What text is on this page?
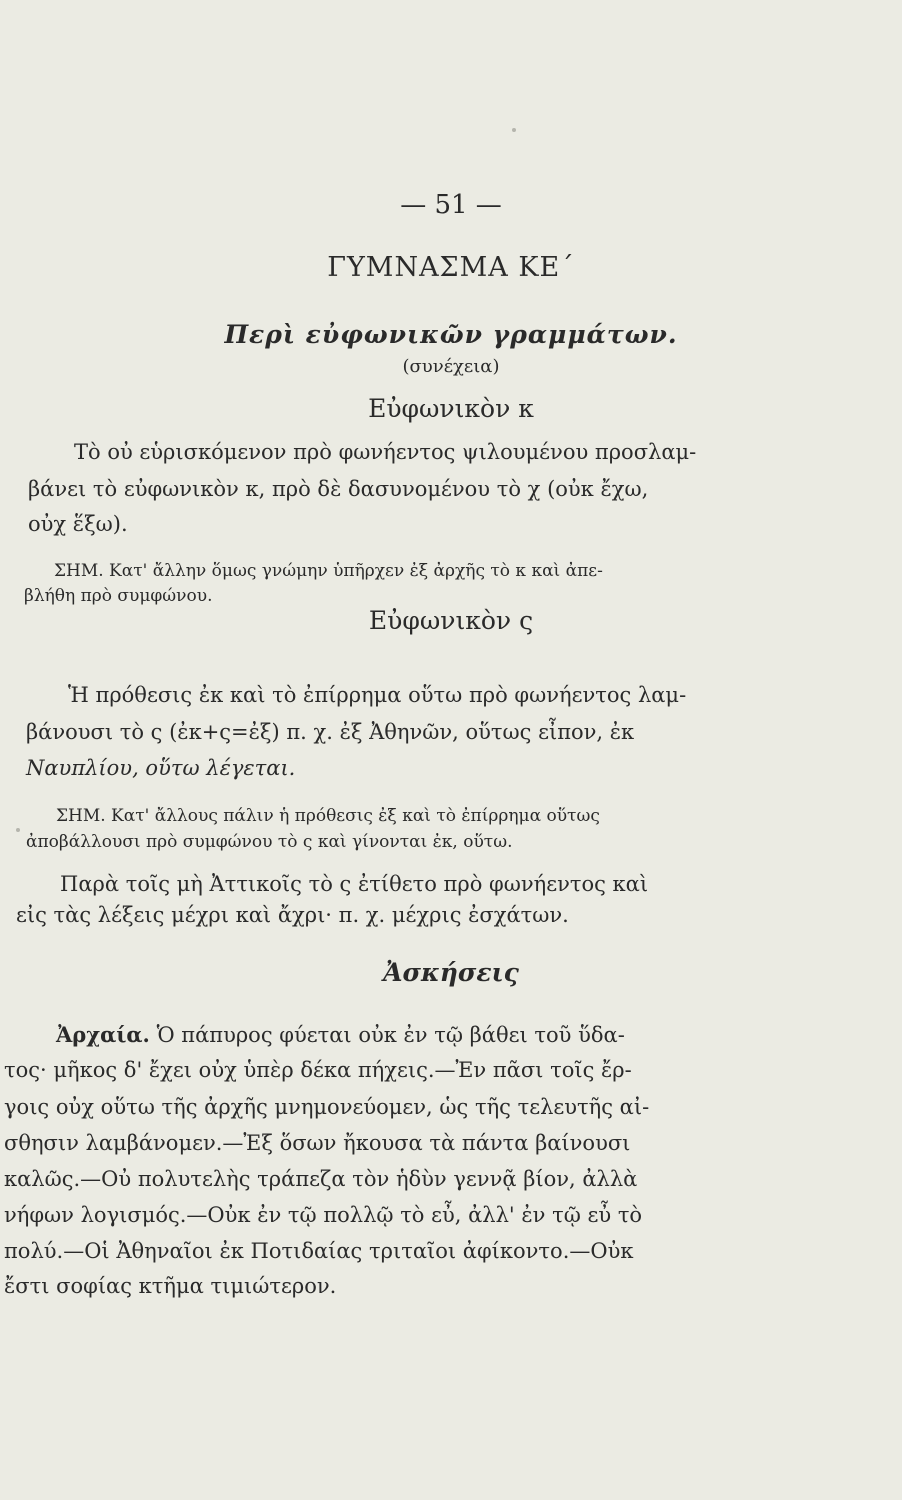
— 51 —
ΓΥΜΝΑΣΜΑ ΚΕ΄
Περὶ εὐφωνικῶν γραμμάτων.
(συνέχεια)
Εὐφωνικὸν κ
Τὸ οὐ εὑρισκόμενον πρὸ φωνήεντος ψιλουμένου προσλαμ-
βάνει τὸ εὐφωνικὸν κ, πρὸ δὲ δασυνομένου τὸ χ (οὐκ ἔχω,
οὐχ ἕξω).
ΣΗΜ. Κατ' ἄλλην ὅμως γνώμην ὑπῆρχεν ἐξ ἀρχῆς τὸ κ καὶ ἀπε-
βλήθη πρὸ συμφώνου.
Εὐφωνικὸν ς
Ἡ πρόθεσις ἐκ καὶ τὸ ἐπίρρημα οὕτω πρὸ φωνήεντος λαμ-
βάνουσι τὸ ς (ἐκ+ς=ἐξ) π. χ. ἐξ Ἀθηνῶν, οὕτως εἶπον, ἐκ
Ναυπλίου, οὕτω λέγεται.
ΣΗΜ. Κατ' ἄλλους πάλιν ἡ πρόθεσις ἐξ καὶ τὸ ἐπίρρημα οὕτως
ἀποβάλλουσι πρὸ συμφώνου τὸ ς καὶ γίνονται ἐκ, οὕτω.
Παρὰ τοῖς μὴ Ἀττικοῖς τὸ ς ἐτίθετο πρὸ φωνήεντος καὶ
εἰς τὰς λέξεις μέχρι καὶ ἄχρι· π. χ. μέχρις ἐσχάτων.
Ἀσκήσεις
Ἀρχαία. Ὁ πάπυρος φύεται οὐκ ἐν τῷ βάθει τοῦ ὕδα-
τος· μῆκος δ' ἔχει οὐχ ὑπὲρ δέκα πήχεις.—Ἐν πᾶσι τοῖς ἔρ-
γοις οὐχ οὕτω τῆς ἀρχῆς μνημονεύομεν, ὡς τῆς τελευτῆς αἰ-
σθησιν λαμβάνομεν.—Ἐξ ὅσων ἤκουσα τὰ πάντα βαίνουσι
καλῶς.—Οὐ πολυτελὴς τράπεζα τὸν ἡδὺν γεννᾷ βίον, ἀλλὰ
νήφων λογισμός.—Οὐκ ἐν τῷ πολλῷ τὸ εὖ, ἀλλ' ἐν τῷ εὖ τὸ
πολύ.—Οἱ Ἀθηναῖοι ἐκ Ποτιδαίας τριταῖοι ἀφίκοντο.—Οὐκ
ἔστι σοφίας κτῆμα τιμιώτερον.
